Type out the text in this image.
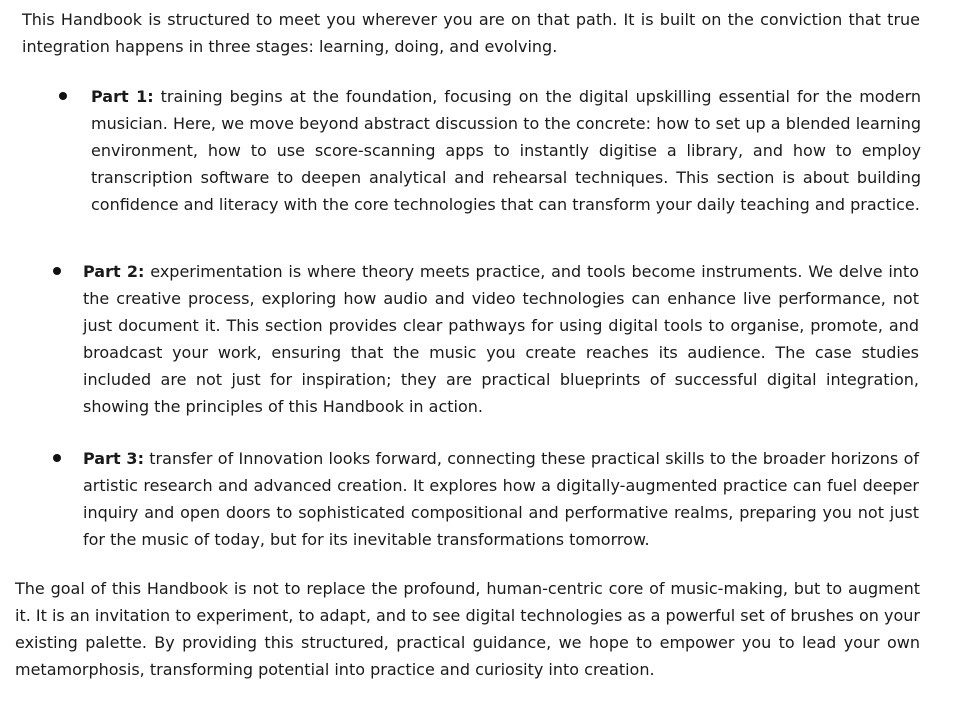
This Handbook is structured to meet you wherever you are on that path. It is built on the conviction that true integration happens in three stages: learning, doing, and evolving.

Part 1: training begins at the foundation, focusing on the digital upskilling essential for the modern musician. Here, we move beyond abstract discussion to the concrete: how to set up a blended learning environment, how to use score-scanning apps to instantly digitise a library, and how to employ transcription software to deepen analytical and rehearsal techniques. This section is about building confidence and literacy with the core technologies that can transform your daily teaching and practice.

Part 2: experimentation is where theory meets practice, and tools become instruments. We delve into the creative process, exploring how audio and video technologies can enhance live performance, not just document it. This section provides clear pathways for using digital tools to organise, promote, and broadcast your work, ensuring that the music you create reaches its audience. The case studies included are not just for inspiration; they are practical blueprints of successful digital integration, showing the principles of this Handbook in action.

Part 3: transfer of Innovation looks forward, connecting these practical skills to the broader horizons of artistic research and advanced creation. It explores how a digitally-augmented practice can fuel deeper inquiry and open doors to sophisticated compositional and performative realms, preparing you not just for the music of today, but for its inevitable transformations tomorrow.

The goal of this Handbook is not to replace the profound, human-centric core of music-making, but to augment it. It is an invitation to experiment, to adapt, and to see digital technologies as a powerful set of brushes on your existing palette. By providing this structured, practical guidance, we hope to empower you to lead your own metamorphosis, transforming potential into practice and curiosity into creation.
